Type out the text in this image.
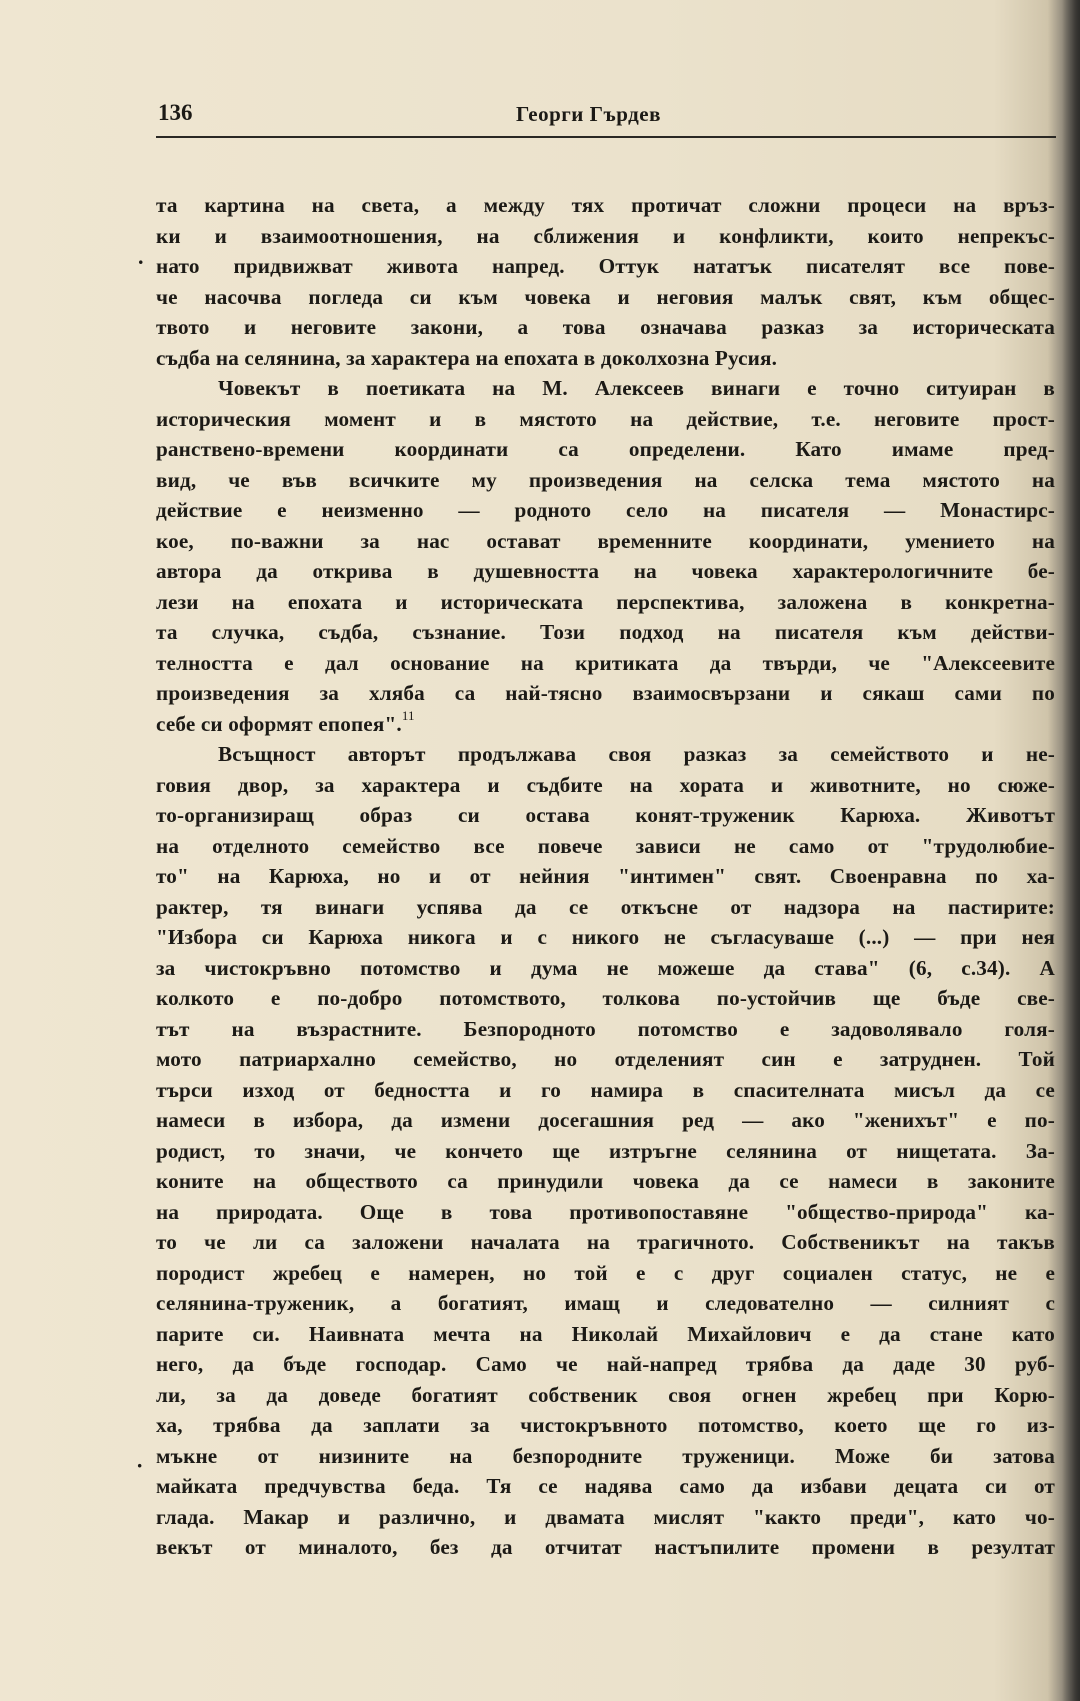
136	Георги Гърдев
.
·
та картина на света, а между тях протичат сложни процеси на връз-
ки и взаимоотношения, на сближения и конфликти, които непрекъс-
нато придвижват живота напред. Оттук нататък писателят все пове-
че насочва погледа си към човека и неговия малък свят, към общес-
твото и неговите закони, а това означава разказ за историческата
съдба на селянина, за характера на епохата в доколхозна Русия.
Човекът в поетиката на М. Алексеев винаги е точно ситуиран в
историческия момент и в мястото на действие, т.е. неговите прост-
ранствено-времени координати са определени. Като имаме пред-
вид, че във всичките му произведения на селска тема мястото на
действие е неизменно — родното село на писателя — Монастирс-
кое, по-важни за нас остават временните координати, умението на
автора да открива в душевността на човека характерологичните бе-
лези на епохата и историческата перспектива, заложена в конкретна-
та случка, съдба, съзнание. Този подход на писателя към действи-
телността е дал основание на критиката да твърди, че "Алексеевите
произведения за хляба са най-тясно взаимосвързани и сякаш сами по
себе си оформят епопея".$^{11}$
Всъщност авторът продължава своя разказ за семейството и не-
говия двор, за характера и съдбите на хората и животните, но сюже-
то-организиращ образ си остава конят-труженик Карюха. Животът
на отделното семейство все повече зависи не само от "трудолюбие-
то" на Карюха, но и от нейния "интимен" свят. Своенравна по ха-
рактер, тя винаги успява да се откъсне от надзора на пастирите:
"Избора си Карюха никога и с никого не съгласуваше (...) — при нея
за чистокръвно потомство и дума не можеше да става" (6, с.34). А
колкото е по-добро потомството, толкова по-устойчив ще бъде све-
тът на възрастните. Безпородното потомство е задоволявало голя-
мото патриархално семейство, но отделеният син е затруднен. Той
търси изход от бедността и го намира в спасителната мисъл да се
намеси в избора, да измени досегашния ред — ако "женихът" е по-
родист, то значи, че кончето ще изтръгне селянина от нищетата. За-
коните на обществото са принудили човека да се намеси в законите
на природата. Още в това противопоставяне "общество-природа" ка-
то че ли са заложени началата на трагичното. Собственикът на такъв
породист жребец е намерен, но той е с друг социален статус, не е
селянина-труженик, а богатият, имащ и следователно — силният с
парите си. Наивната мечта на Николай Михайлович е да стане като
него, да бъде господар. Само че най-напред трябва да даде 30 руб-
ли, за да доведе богатият собственик своя огнен жребец при Корю-
ха, трябва да заплати за чистокръвното потомство, което ще го из-
мъкне от низините на безпородните труженици. Може би затова
майката предчувства беда. Тя се надява само да избави децата си от
глада. Макар и различно, и двамата мислят "както преди", като чо-
векът от миналото, без да отчитат настъпилите промени в резултат
